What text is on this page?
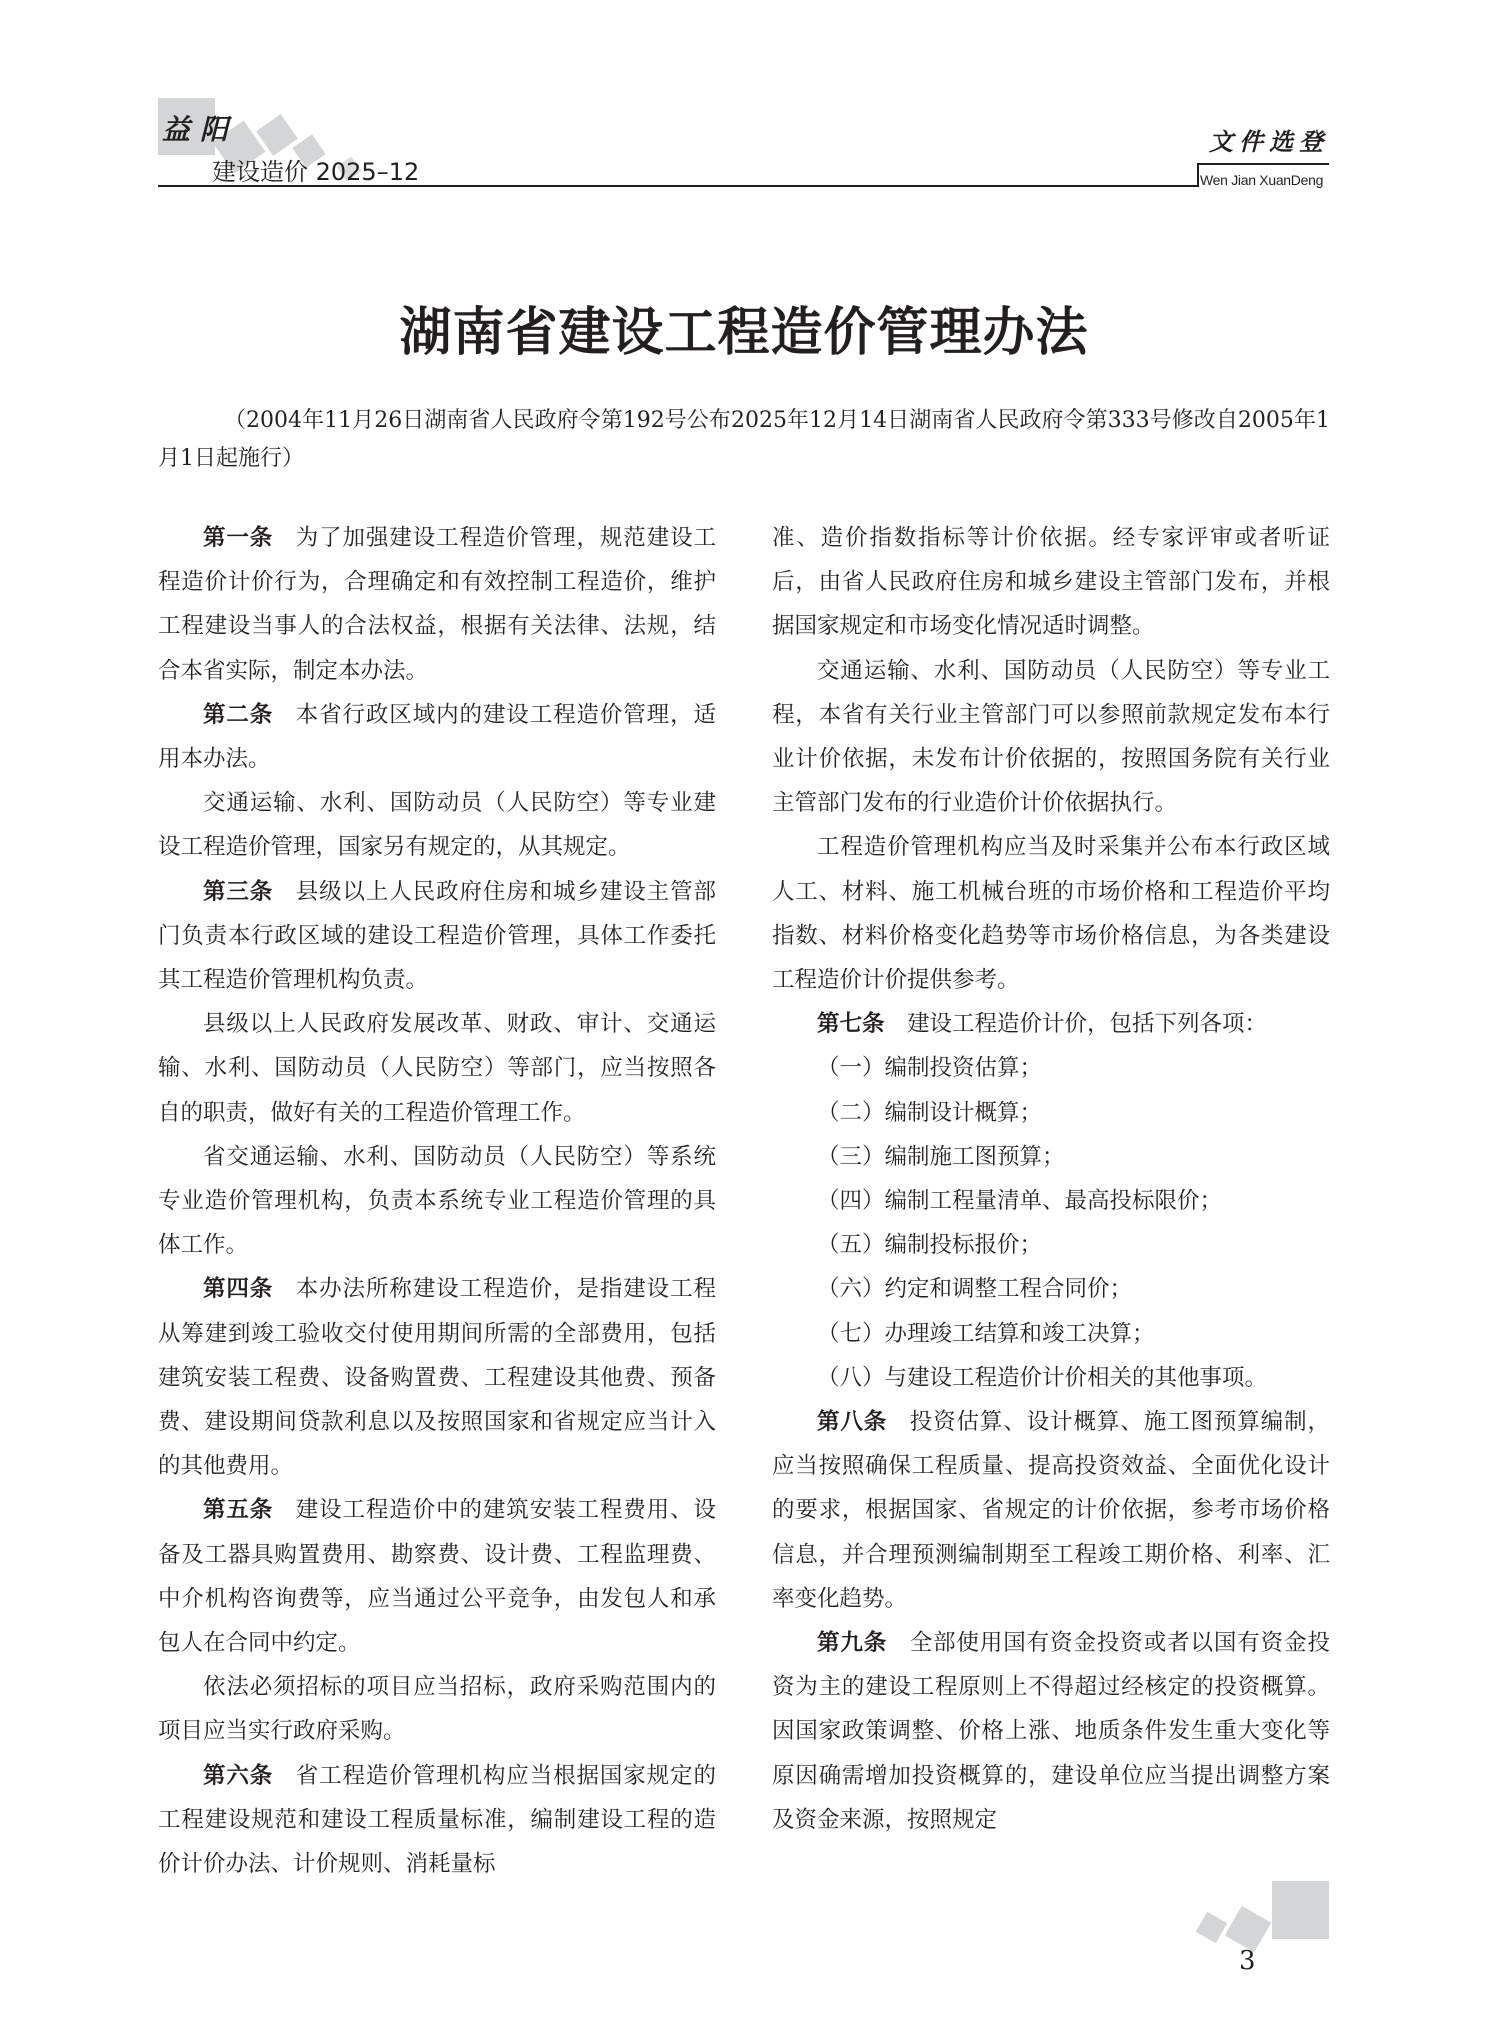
益阳
建设造价 2025–12
文件选登
Wen Jian XuanDeng
湖南省建设工程造价管理办法
（2004年11月26日湖南省人民政府令第192号公布2025年12月14日湖南省人民政府令第333号修改自2005年1月1日起施行）

第一条 为了加强建设工程造价管理，规范建设工程造价计价行为，合理确定和有效控制工程造价，维护工程建设当事人的合法权益，根据有关法律、法规，结合本省实际，制定本办法。

第二条 本省行政区域内的建设工程造价管理，适用本办法。

交通运输、水利、国防动员（人民防空）等专业建设工程造价管理，国家另有规定的，从其规定。

第三条 县级以上人民政府住房和城乡建设主管部门负责本行政区域的建设工程造价管理，具体工作委托其工程造价管理机构负责。

县级以上人民政府发展改革、财政、审计、交通运输、水利、国防动员（人民防空）等部门，应当按照各自的职责，做好有关的工程造价管理工作。

省交通运输、水利、国防动员（人民防空）等系统专业造价管理机构，负责本系统专业工程造价管理的具体工作。

第四条 本办法所称建设工程造价，是指建设工程从筹建到竣工验收交付使用期间所需的全部费用，包括建筑安装工程费、设备购置费、工程建设其他费、预备费、建设期间贷款利息以及按照国家和省规定应当计入的其他费用。

第五条 建设工程造价中的建筑安装工程费用、设备及工器具购置费用、勘察费、设计费、工程监理费、中介机构咨询费等，应当通过公平竞争，由发包人和承包人在合同中约定。

依法必须招标的项目应当招标，政府采购范围内的项目应当实行政府采购。

第六条 省工程造价管理机构应当根据国家规定的工程建设规范和建设工程质量标准，编制建设工程的造价计价办法、计价规则、消耗量标

准、造价指数指标等计价依据。经专家评审或者听证后，由省人民政府住房和城乡建设主管部门发布，并根据国家规定和市场变化情况适时调整。

交通运输、水利、国防动员（人民防空）等专业工程，本省有关行业主管部门可以参照前款规定发布本行业计价依据，未发布计价依据的，按照国务院有关行业主管部门发布的行业造价计价依据执行。

工程造价管理机构应当及时采集并公布本行政区域人工、材料、施工机械台班的市场价格和工程造价平均指数、材料价格变化趋势等市场价格信息，为各类建设工程造价计价提供参考。

第七条 建设工程造价计价，包括下列各项：

（一）编制投资估算；

（二）编制设计概算；

（三）编制施工图预算；

（四）编制工程量清单、最高投标限价；

（五）编制投标报价；

（六）约定和调整工程合同价；

（七）办理竣工结算和竣工决算；

（八）与建设工程造价计价相关的其他事项。

第八条 投资估算、设计概算、施工图预算编制，应当按照确保工程质量、提高投资效益、全面优化设计的要求，根据国家、省规定的计价依据，参考市场价格信息，并合理预测编制期至工程竣工期价格、利率、汇率变化趋势。

第九条 全部使用国有资金投资或者以国有资金投资为主的建设工程原则上不得超过经核定的投资概算。因国家政策调整、价格上涨、地质条件发生重大变化等原因确需增加投资概算的，建设单位应当提出调整方案及资金来源，按照规定

3
